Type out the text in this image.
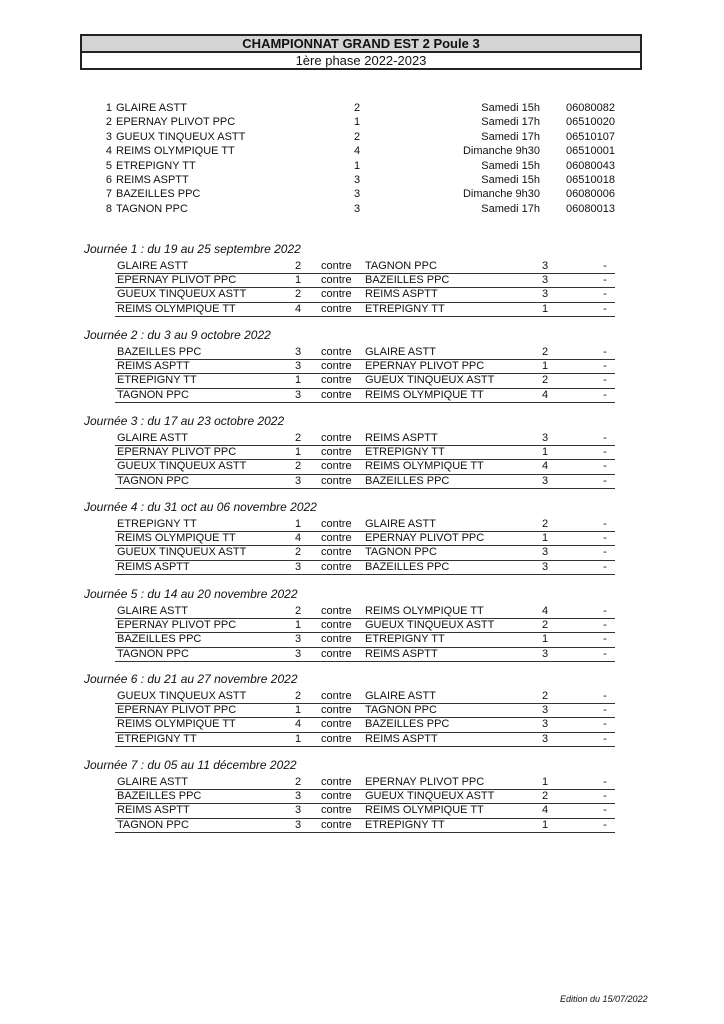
CHAMPIONNAT GRAND EST 2 Poule 3
1ère phase 2022-2023
1 GLAIRE ASTT	2	Samedi 15h 06080082
2 EPERNAY PLIVOT PPC	1	Samedi 17h 06510020
3 GUEUX TINQUEUX ASTT	2	Samedi 17h 06510107
4 REIMS OLYMPIQUE TT	4	Dimanche 9h30 06510001
5 ETREPIGNY TT	1	Samedi 15h 06080043
6 REIMS ASPTT	3	Samedi 15h 06510018
7 BAZEILLES PPC	3	Dimanche 9h30 06080006
8 TAGNON PPC	3	Samedi 17h 06080013
Journée 1 : du 19 au 25 septembre 2022
GLAIRE ASTT	2	contre TAGNON PPC	3	-
EPERNAY PLIVOT PPC	1	contre BAZEILLES PPC	3	-
GUEUX TINQUEUX ASTT	2	contre REIMS ASPTT	3	-
REIMS OLYMPIQUE TT	4	contre ETREPIGNY TT	1	-
Journée 2 : du 3 au 9 octobre 2022
BAZEILLES PPC	3	contre GLAIRE ASTT	2	-
REIMS ASPTT	3	contre EPERNAY PLIVOT PPC	1	-
ETREPIGNY TT	1	contre GUEUX TINQUEUX ASTT	2	-
TAGNON PPC	3	contre REIMS OLYMPIQUE TT	4	-
Journée 3 : du 17 au 23 octobre 2022
GLAIRE ASTT	2	contre REIMS ASPTT	3	-
EPERNAY PLIVOT PPC	1	contre ETREPIGNY TT	1	-
GUEUX TINQUEUX ASTT	2	contre REIMS OLYMPIQUE TT	4	-
TAGNON PPC	3	contre BAZEILLES PPC	3	-
Journée 4 : du 31 oct au 06 novembre 2022
ETREPIGNY TT	1	contre GLAIRE ASTT	2	-
REIMS OLYMPIQUE TT	4	contre EPERNAY PLIVOT PPC	1	-
GUEUX TINQUEUX ASTT	2	contre TAGNON PPC	3	-
REIMS ASPTT	3	contre BAZEILLES PPC	3	-
Journée 5 : du 14 au 20 novembre 2022
GLAIRE ASTT	2	contre REIMS OLYMPIQUE TT	4	-
EPERNAY PLIVOT PPC	1	contre GUEUX TINQUEUX ASTT	2	-
BAZEILLES PPC	3	contre ETREPIGNY TT	1	-
TAGNON PPC	3	contre REIMS ASPTT	3	-
Journée 6 : du 21 au 27 novembre 2022
GUEUX TINQUEUX ASTT	2	contre GLAIRE ASTT	2	-
EPERNAY PLIVOT PPC	1	contre TAGNON PPC	3	-
REIMS OLYMPIQUE TT	4	contre BAZEILLES PPC	3	-
ETREPIGNY TT	1	contre REIMS ASPTT	3	-
Journée 7 : du 05 au 11 décembre 2022
GLAIRE ASTT	2	contre EPERNAY PLIVOT PPC	1	-
BAZEILLES PPC	3	contre GUEUX TINQUEUX ASTT	2	-
REIMS ASPTT	3	contre REIMS OLYMPIQUE TT	4	-
TAGNON PPC	3	contre ETREPIGNY TT	1	-
Edition du 15/07/2022
